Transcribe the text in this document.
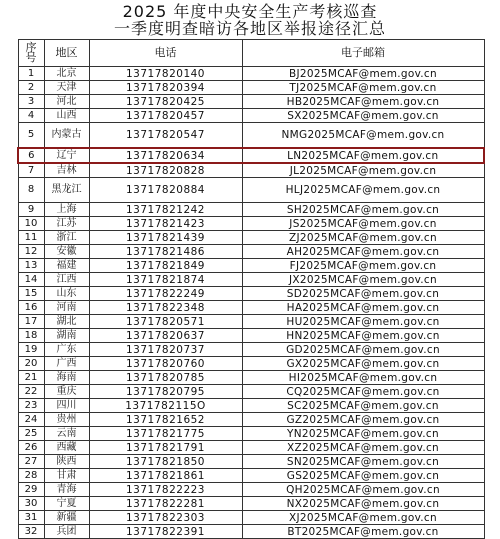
2025 年度中央安全生产考核巡查
一季度明查暗访各地区举报途径汇总
序号	地区	电话	电子邮箱
1	北京	13717820140	BJ2025MCAF@mem.gov.cn
2	天津	13717820394	TJ2025MCAF@mem.gov.cn
3	河北	13717820425	HB2025MCAF@mem.gov.cn
4	山西	13717820457	SX2025MCAF@mem.gov.cn
5	内蒙古	13717820547	NMG2025MCAF@mem.gov.cn
6	辽宁	13717820634	LN2025MCAF@mem.gov.cn
7	吉林	13717820828	JL2025MCAF@mem.gov.cn
8	黑龙江	13717820884	HLJ2025MCAF@mem.gov.cn
9	上海	13717821242	SH2025MCAF@mem.gov.cn
10	江苏	13717821423	JS2025MCAF@mem.gov.cn
11	浙江	13717821439	ZJ2025MCAF@mem.gov.cn
12	安徽	13717821486	AH2025MCAF@mem.gov.cn
13	福建	13717821849	FJ2025MCAF@mem.gov.cn
14	江西	13717821874	JX2025MCAF@mem.gov.cn
15	山东	13717822249	SD2025MCAF@mem.gov.cn
16	河南	13717822348	HA2025MCAF@mem.gov.cn
17	湖北	13717820571	HU2025MCAF@mem.gov.cn
18	湖南	13717820637	HN2025MCAF@mem.gov.cn
19	广东	13717820737	GD2025MCAF@mem.gov.cn
20	广西	13717820760	GX2025MCAF@mem.gov.cn
21	海南	13717820785	HI2025MCAF@mem.gov.cn
22	重庆	13717820795	CQ2025MCAF@mem.gov.cn
23	四川	1371782115O	SC2025MCAF@mem.gov.cn
24	贵州	13717821652	GZ2025MCAF@mem.gov.cn
25	云南	13717821775	YN2025MCAF@mem.gov.cn
26	西藏	13717821791	XZ2025MCAF@mem.gov.cn
27	陕西	13717821850	SN2025MCAF@mem.gov.cn
28	甘肃	13717821861	GS2025MCAF@mem.gov.cn
29	青海	13717822223	QH2025MCAF@mem.gov.cn
30	宁夏	13717822281	NX2025MCAF@mem.gov.cn
31	新疆	13717822303	XJ2025MCAF@mem.gov.cn
32	兵团	13717822391	BT2025MCAF@mem.gov.cn
